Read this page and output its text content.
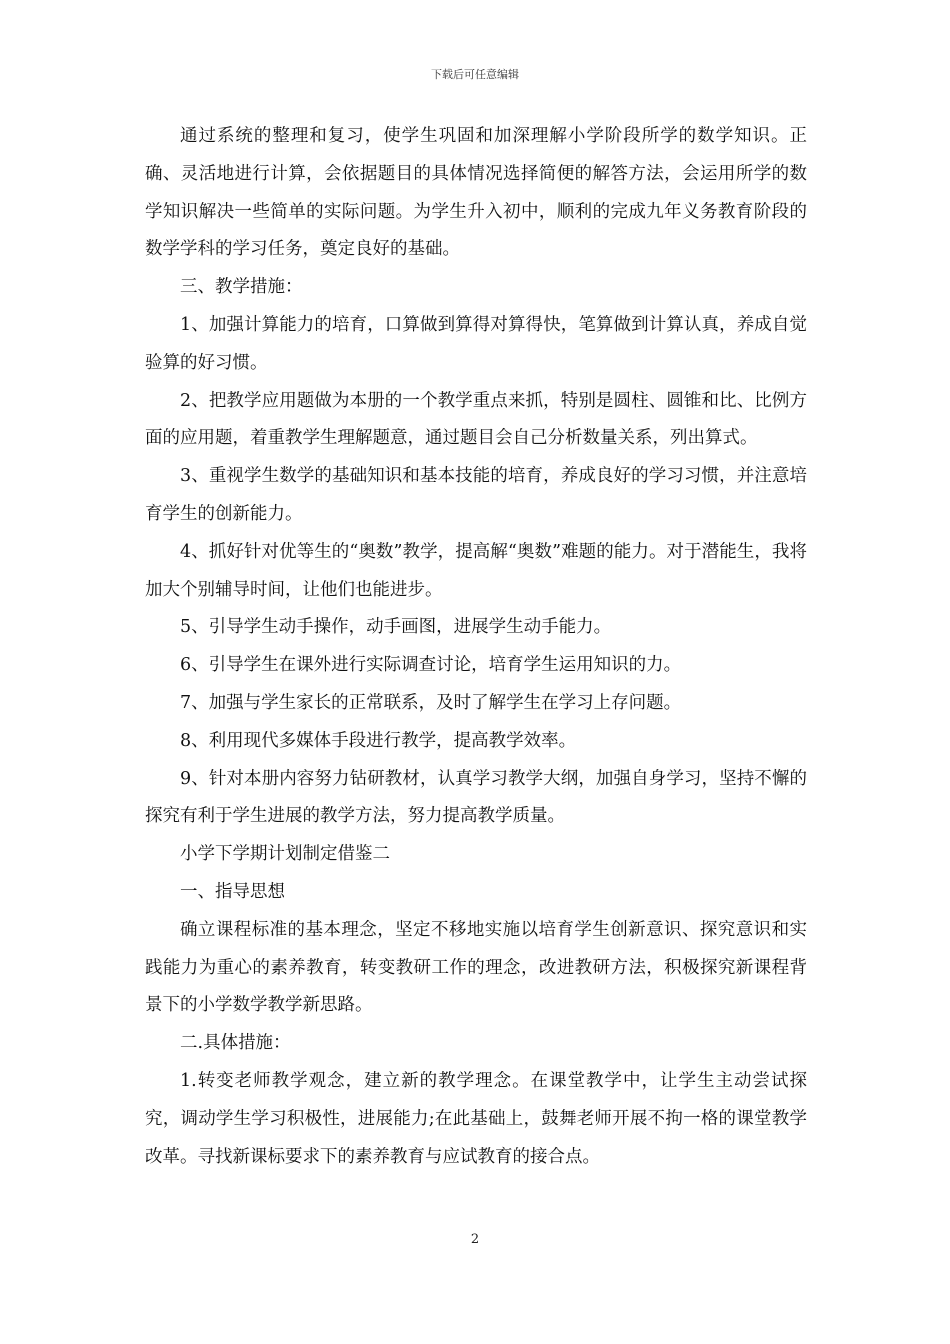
下载后可任意编辑

通过系统的整理和复习，使学生巩固和加深理解小学阶段所学的数学知识。正确、灵活地进行计算，会依据题目的具体情况选择简便的解答方法，会运用所学的数学知识解决一些简单的实际问题。为学生升入初中，顺利的完成九年义务教育阶段的数学学科的学习任务，奠定良好的基础。

三、教学措施：

1、加强计算能力的培育，口算做到算得对算得快，笔算做到计算认真，养成自觉验算的好习惯。

2、把教学应用题做为本册的一个教学重点来抓，特别是圆柱、圆锥和比、比例方面的应用题，着重教学生理解题意，通过题目会自己分析数量关系，列出算式。

3、重视学生数学的基础知识和基本技能的培育，养成良好的学习习惯，并注意培育学生的创新能力。

4、抓好针对优等生的“奥数”教学，提高解“奥数”难题的能力。对于潜能生，我将加大个别辅导时间，让他们也能进步。

5、引导学生动手操作，动手画图，进展学生动手能力。

6、引导学生在课外进行实际调查讨论，培育学生运用知识的力。

7、加强与学生家长的正常联系，及时了解学生在学习上存问题。

8、利用现代多媒体手段进行教学，提高教学效率。

9、针对本册内容努力钻研教材，认真学习教学大纲，加强自身学习，坚持不懈的探究有利于学生进展的教学方法，努力提高教学质量。

小学下学期计划制定借鉴二

一、指导思想

确立课程标准的基本理念，坚定不移地实施以培育学生创新意识、探究意识和实践能力为重心的素养教育，转变教研工作的理念，改进教研方法，积极探究新课程背景下的小学数学教学新思路。

二.具体措施：

1.转变老师教学观念，建立新的教学理念。在课堂教学中，让学生主动尝试探究，调动学生学习积极性，进展能力;在此基础上，鼓舞老师开展不拘一格的课堂教学改革。寻找新课标要求下的素养教育与应试教育的接合点。

2
